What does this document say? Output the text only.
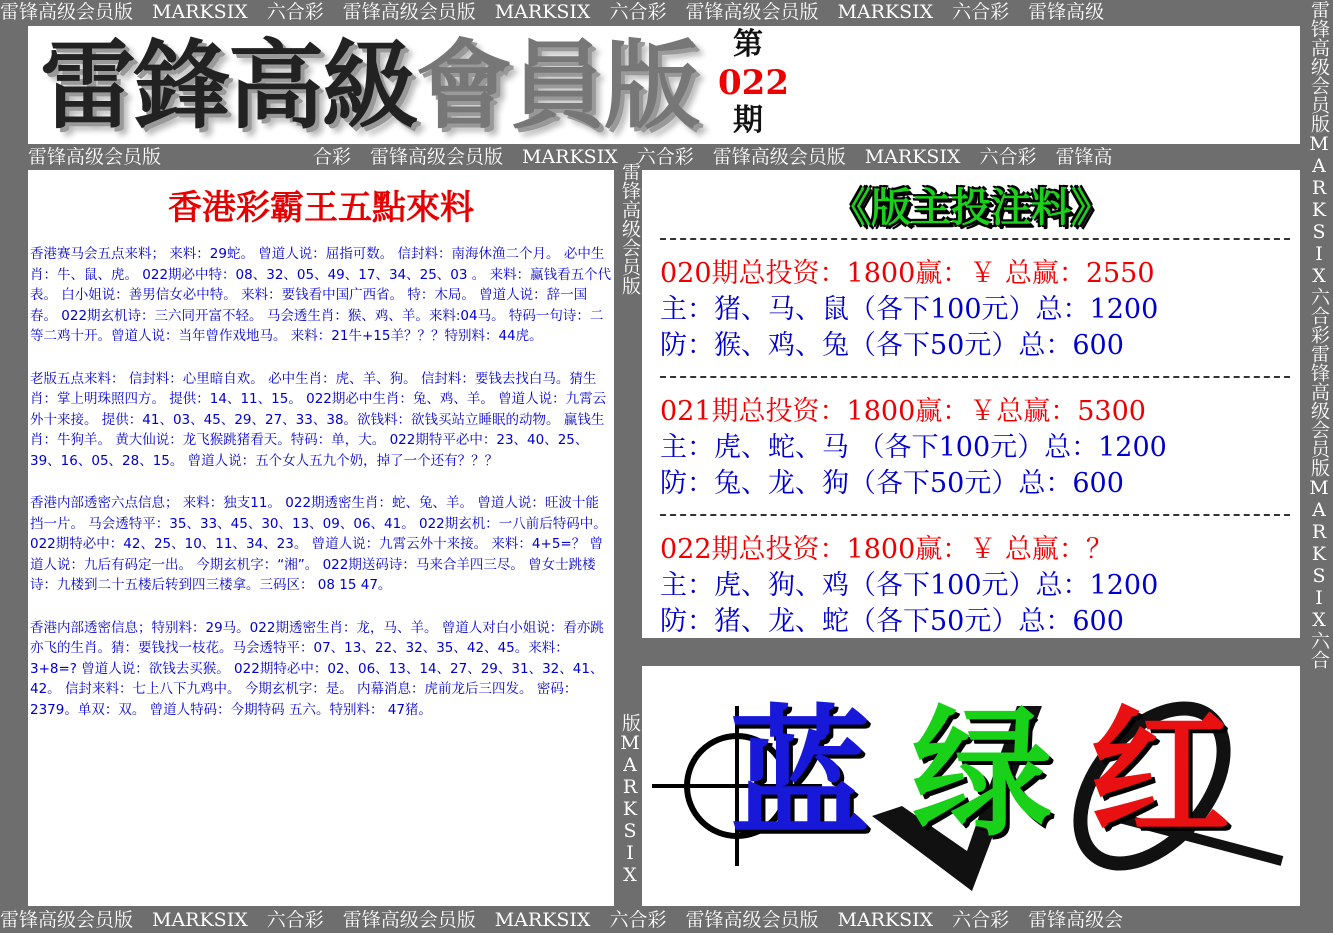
雷锋高级会员版　MARKSIX　六合彩　雷锋高级会员版　MARKSIX　六合彩　雷锋高级会员版　MARKSIX　六合彩　雷锋高级
雷锋高级会员版　　　　　　　　合彩　雷锋高级会员版　MARKSIX　六合彩　雷锋高级会员版　MARKSIX　六合彩　雷锋高
雷锋高级会员版　MARKSIX　六合彩　雷锋高级会员版　MARKSIX　六合彩　雷锋高级会员版　MARKSIX　六合彩　雷锋高级会
雷锋高级会员版MARKSIX六合彩雷锋高级会员版MARKSIX六合
雷锋高级会员版　　　　　　　　　　　　　　　　　　　　　　版MARKSIX
雷鋒高級會員版	第
022
期
香港彩霸王五點來料

香港赛马会五点来料； 来料：29蛇。 曾道人说：屈指可数。 信封料：南海休渔二个月。 必中生肖：牛、鼠、虎。 022期必中特：08、32、05、49、17、34、25、03 。 来料：赢钱看五个代表。 白小姐说：善男信女必中特。 来料：要钱看中国广西省。 特：木局。 曾道人说：辞一国春。 022期玄机诗：三六同开富不轻。 马会透生肖：猴、鸡、羊。来料:04马。 特码一句诗：二等二鸡十开。曾道人说：当年曾作戏地马。 来料：21牛+15羊？？？特别料：44虎。

老版五点来料： 信封料：心里暗自欢。 必中生肖：虎、羊、狗。 信封料：要钱去找白马。猜生肖：掌上明珠照四方。 提供：14、11、15。 022期必中生肖：兔、鸡、羊。 曾道人说：九霄云外十来接。 提供：41、03、45、29、27、33、38。欲钱料：欲钱买站立睡眠的动物。 赢钱生肖：牛狗羊。 黄大仙说：龙飞猴跳猪看天。特码：单，大。 022期特平必中：23、40、25、39、16、05、28、15。 曾道人说：五个女人五九个奶，掉了一个还有？？？

香港内部透密六点信息； 来料：独支11。 022期透密生肖：蛇、兔、羊。 曾道人说：旺波十能挡一片。 马会透特平：35、33、45、30、13、09、06、41。 022期玄机：一八前后特码中。 022期特必中：42、25、10、11、34、23。 曾道人说：九霄云外十来接。 来料：4+5=？ 曾道人说：九后有码定一出。 今期玄机字：“湘”。 022期送码诗：马来合羊四三尽。 曾女士跳楼诗：九楼到二十五楼后转到四三楼拿。三码区： 08 15 47。

香港内部透密信息；特别料：29马。022期透密生肖：龙，马、羊。 曾道人对白小姐说：看亦跳亦飞的生肖。猜：要钱找一枝花。马会透特平：07、13、22、32、35、42、45。来料：3+8=? 曾道人说：欲钱去买猴。 022期特必中：02、06、13、14、27、29、31、32、41、42。 信封来料：七上八下九鸡中。 今期玄机字：是。 内幕消息：虎前龙后三四发。 密码：2379。单双：双。 曾道人特码：今期特码 五六。特别料： 47猪。

《版主投注料》
020期总投资：1800赢：￥ 总赢：2550
主：猪、马、鼠（各下100元）总：1200
防：猴、鸡、兔（各下50元）总：600
021期总投资：1800赢：￥总赢：5300
主：虎、蛇、马 （各下100元）总：1200
防：兔、龙、狗（各下50元）总：600
022期总投资：1800赢：￥ 总赢：？
主：虎、狗、鸡（各下100元）总：1200
防：猪、龙、蛇（各下50元）总：600
蓝 绿 红
